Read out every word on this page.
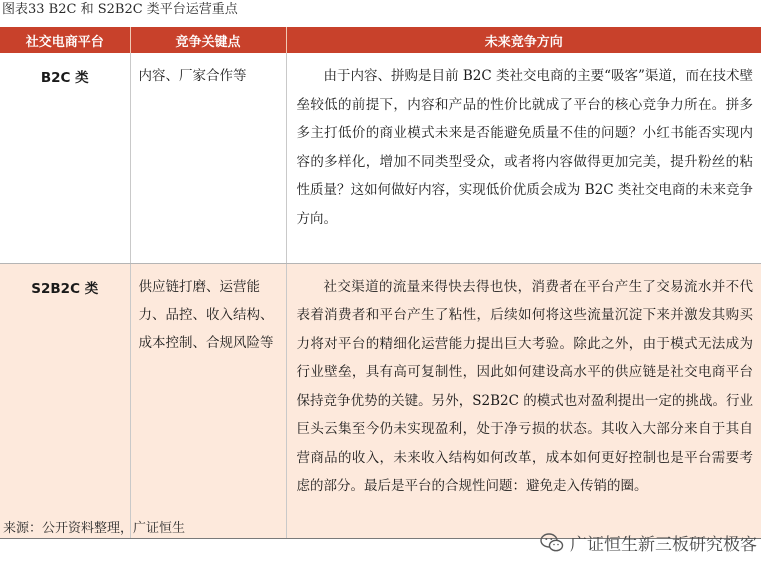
图表33 B2C 和 S2B2C 类平台运营重点
社交电商平台	竞争关键点	未来竞争方向
B2C 类	内容、厂家合作等	由于内容、拼购是目前 B2C 类社交电商的主要“吸客”渠道，而在技术壁垒较低的前提下，内容和产品的性价比就成了平台的核心竞争力所在。拼多多主打低价的商业模式未来是否能避免质量不佳的问题？小红书能否实现内容的多样化，增加不同类型受众，或者将内容做得更加完美，提升粉丝的粘性质量？这如何做好内容，实现低价优质会成为 B2C 类社交电商的未来竞争方向。
S2B2C 类	供应链打磨、运营能力、品控、收入结构、成本控制、合规风险等	社交渠道的流量来得快去得也快，消费者在平台产生了交易流水并不代表着消费者和平台产生了粘性，后续如何将这些流量沉淀下来并激发其购买力将对平台的精细化运营能力提出巨大考验。除此之外，由于模式无法成为行业壁垒，具有高可复制性，因此如何建设高水平的供应链是社交电商平台保持竞争优势的关键。另外，S2B2C 的模式也对盈利提出一定的挑战。行业巨头云集至今仍未实现盈利，处于净亏损的状态。其收入大部分来自于其自营商品的收入，未来收入结构如何改革，成本如何更好控制也是平台需要考虑的部分。最后是平台的合规性问题：避免走入传销的圈。
来源：公开资料整理，广证恒生
广证恒生新三板研究极客
